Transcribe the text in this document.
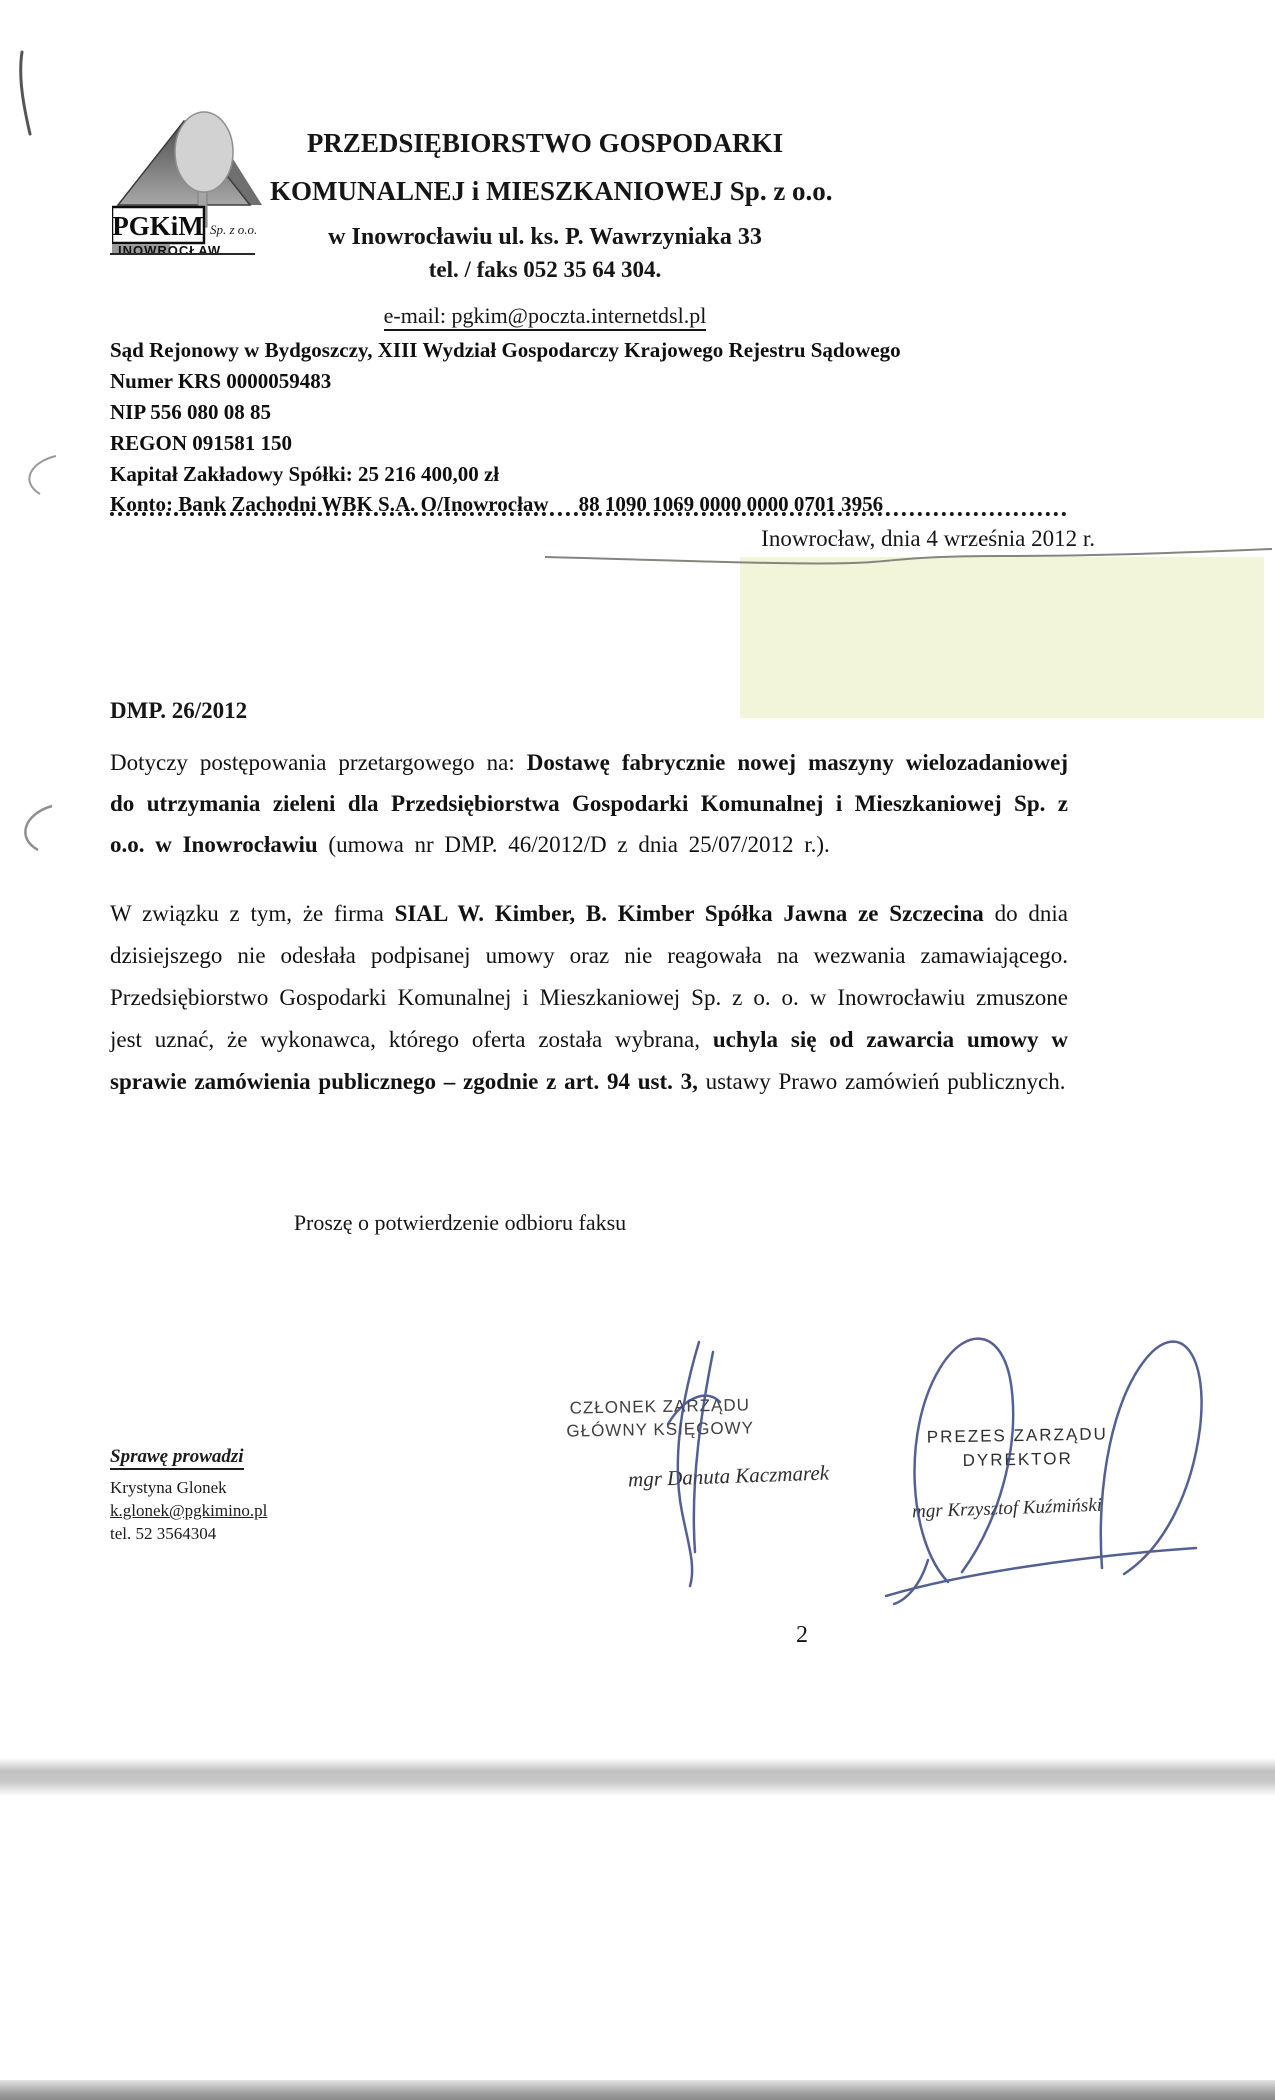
PGKiM Sp. z o.o.
INOWROCŁAW
PRZEDSIĘBIORSTWO GOSPODARKI
KOMUNALNEJ i MIESZKANIOWEJ Sp. z o.o.
w Inowrocławiu ul. ks. P. Wawrzyniaka 33
tel. / faks 052 35 64 304.
e-mail: pgkim@poczta.internetdsl.pl
Sąd Rejonowy w Bydgoszczy, XIII Wydział Gospodarczy Krajowego Rejestru Sądowego
Numer KRS 0000059483
NIP 556 080 08 85
REGON 091581 150
Kapitał Zakładowy Spółki: 25 216 400,00 zł
Konto: Bank Zachodni WBK S.A. O/Inowrocław 88 1090 1069 0000 0000 0701 3956
Inowrocław, dnia 4 września 2012 r.
DMP. 26/2012
Dotyczy postępowania przetargowego na: Dostawę fabrycznie nowej maszyny wielozadaniowej do utrzymania zieleni dla Przedsiębiorstwa Gospodarki Komunalnej i Mieszkaniowej Sp. z o.o. w Inowrocławiu (umowa nr DMP. 46/2012/D z dnia 25/07/2012 r.).
W związku z tym, że firma SIAL W. Kimber, B. Kimber Spółka Jawna ze Szczecina do dnia dzisiejszego nie odesłała podpisanej umowy oraz nie reagowała na wezwania zamawiającego. Przedsiębiorstwo Gospodarki Komunalnej i Mieszkaniowej Sp. z o. o. w Inowrocławiu zmuszone jest uznać, że wykonawca, którego oferta została wybrana, uchyla się od zawarcia umowy w sprawie zamówienia publicznego – zgodnie z art. 94 ust. 3, ustawy Prawo zamówień publicznych.
Proszę o potwierdzenie odbioru faksu
Sprawę prowadzi
Krystyna Glonek
k.glonek@pgkimino.pl
tel. 52 3564304
CZŁONEK ZARZĄDU
GŁÓWNY KSIĘGOWY
mgr Danuta Kaczmarek
PREZES ZARZĄDU
DYREKTOR
mgr Krzysztof Kuźmiński
2
